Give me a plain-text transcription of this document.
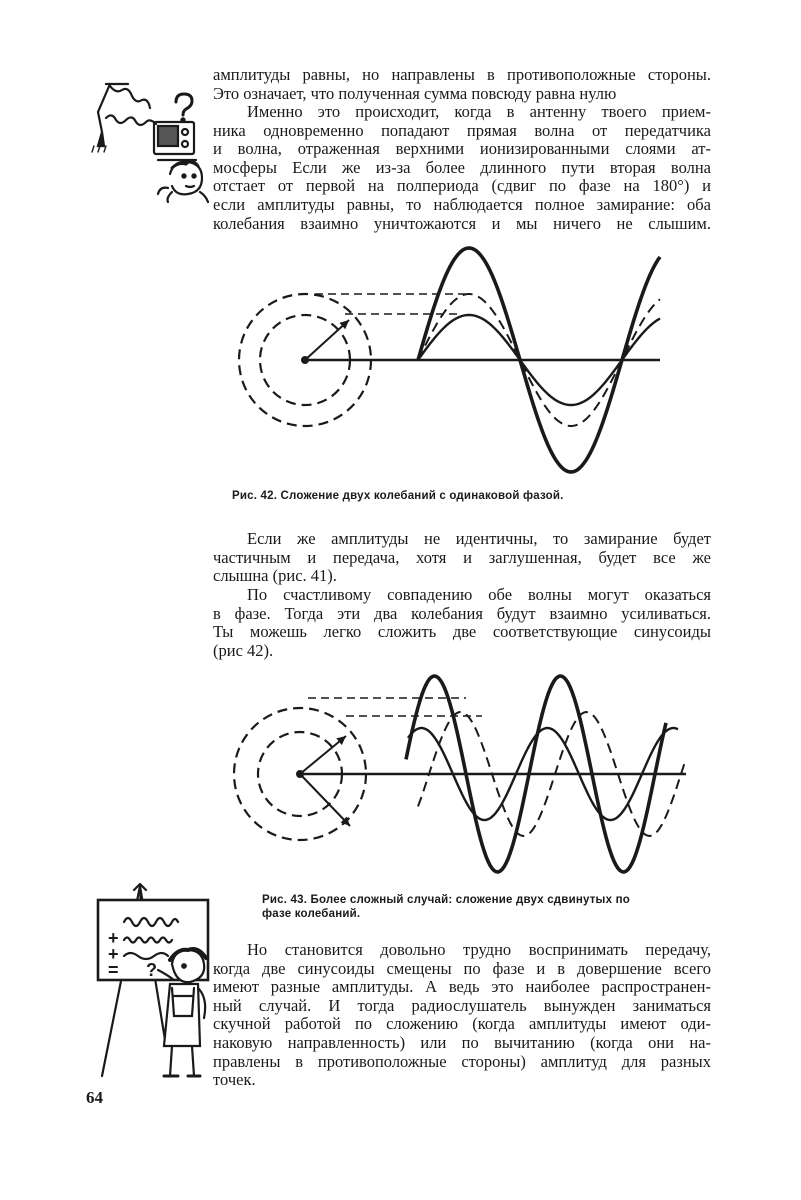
амплитуды равны, но направлены в противоположные стороны.
Это означает, что полученная сумма повсюду равна нулю

Именно это происходит, когда в антенну твоего прием-
ника одновременно попадают прямая волна от передатчика
и волна, отраженная верхними ионизированными слоями ат-
мосферы Если же из-за более длинного пути вторая волна
отстает от первой на полпериода (сдвиг по фазе на 180°) и
если амплитуды равны, то наблюдается полное замирание: оба
колебания взаимно уничтожаются и мы ничего не слышим.

Рис. 42. Сложение двух колебаний с одинаковой фазой.

Если же амплитуды не идентичны, то замирание будет
частичным и передача, хотя и заглушенная, будет все же
слышна (рис. 41).

По счастливому совпадению обе волны могут оказаться
в фазе. Тогда эти два колебания будут взаимно усиливаться.
Ты можешь легко сложить две соответствующие синусоиды
(рис 42).

Рис. 43. Более сложный случай: сложение двух сдвинутых по
фазе колебаний.

+
+
= ?

Но становится довольно трудно воспринимать передачу,
когда две синусоиды смещены по фазе и в довершение всего
имеют разные амплитуды. А ведь это наиболее распространен-
ный случай. И тогда радиослушатель вынужден заниматься
скучной работой по сложению (когда амплитуды имеют оди-
наковую направленность) или по вычитанию (когда они на-
правлены в противоположные стороны) амплитуд для разных
точек.

64
